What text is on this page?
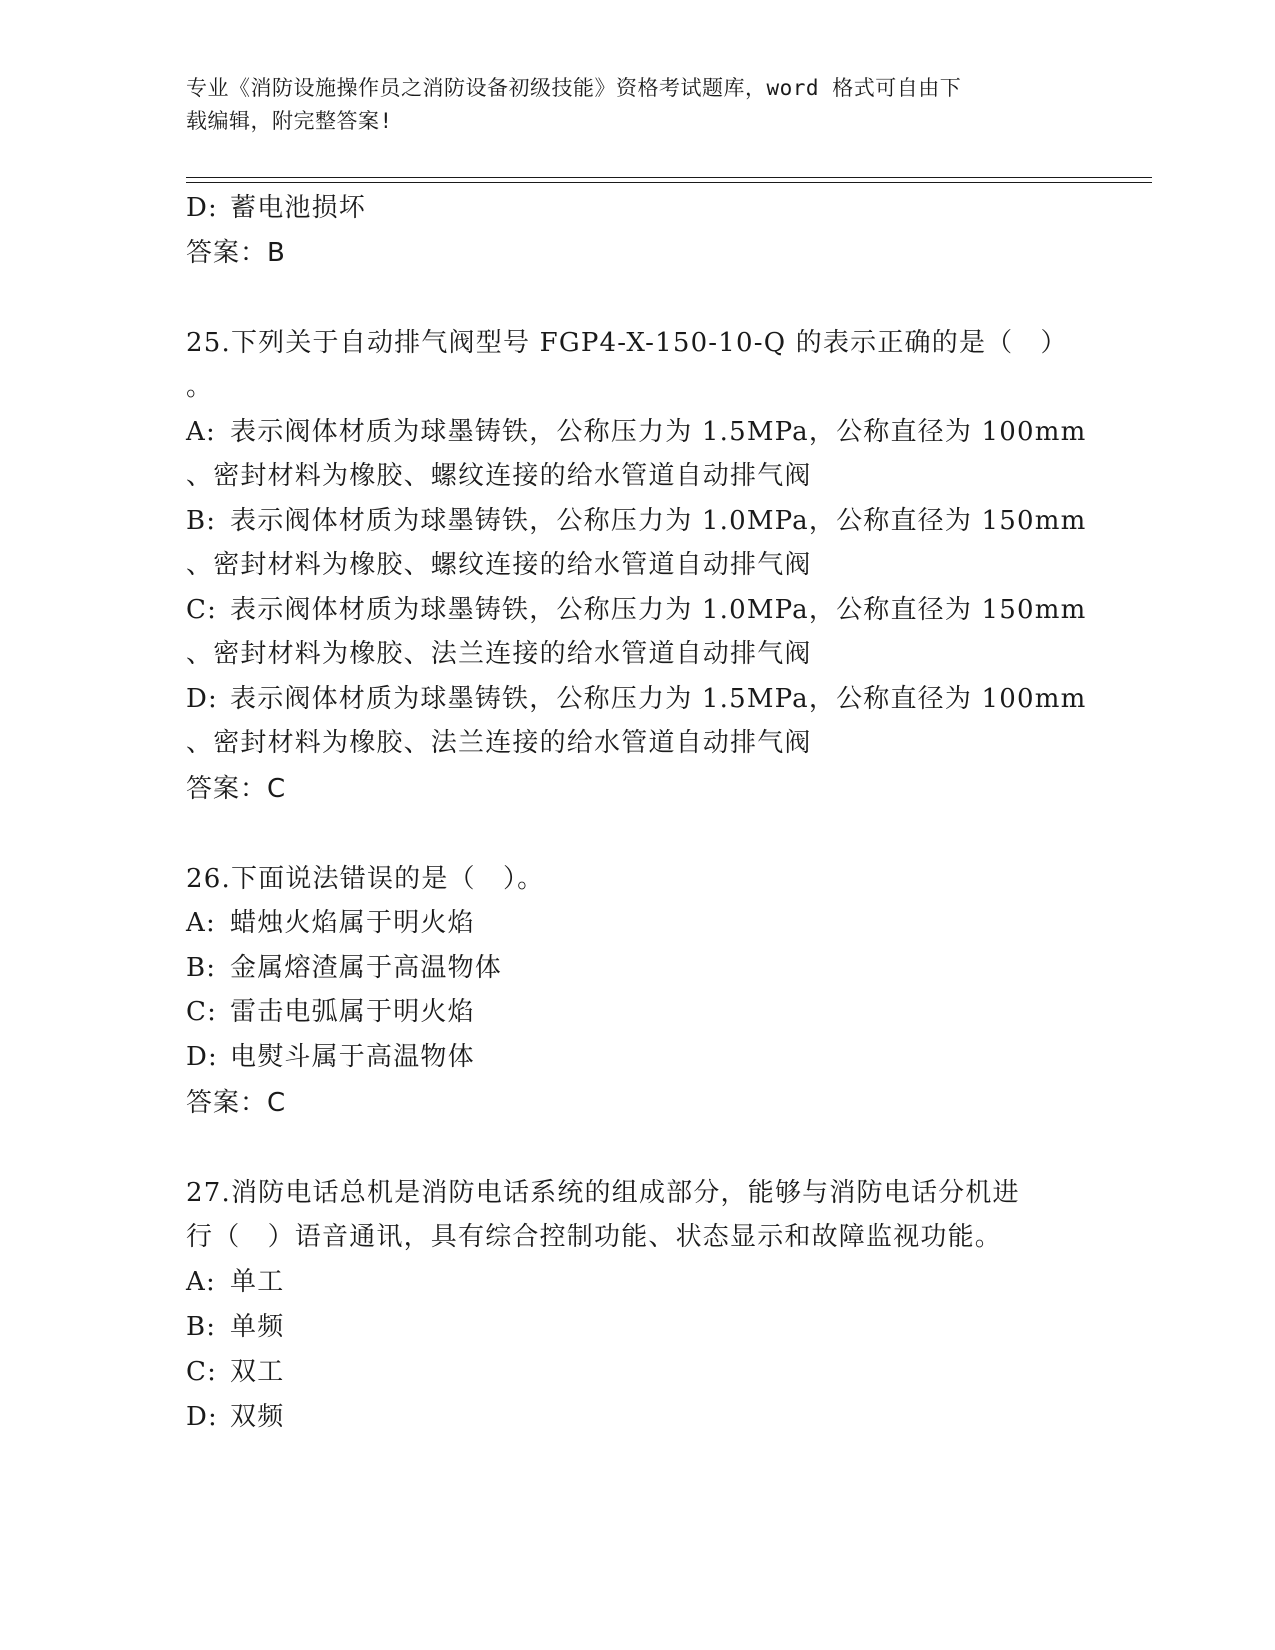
专业《消防设施操作员之消防设备初级技能》资格考试题库，word 格式可自由下
载编辑，附完整答案!
D: 蓄电池损坏
答案：B
25.下列关于自动排气阀型号 FGP4-X-150-10-Q 的表示正确的是（　）
。
A: 表示阀体材质为球墨铸铁，公称压力为 1.5MPa，公称直径为 100mm
、密封材料为橡胶、螺纹连接的给水管道自动排气阀
B: 表示阀体材质为球墨铸铁，公称压力为 1.0MPa，公称直径为 150mm
、密封材料为橡胶、螺纹连接的给水管道自动排气阀
C: 表示阀体材质为球墨铸铁，公称压力为 1.0MPa，公称直径为 150mm
、密封材料为橡胶、法兰连接的给水管道自动排气阀
D: 表示阀体材质为球墨铸铁，公称压力为 1.5MPa，公称直径为 100mm
、密封材料为橡胶、法兰连接的给水管道自动排气阀
答案：C
26.下面说法错误的是（　）。
A: 蜡烛火焰属于明火焰
B: 金属熔渣属于高温物体
C: 雷击电弧属于明火焰
D: 电熨斗属于高温物体
答案：C
27.消防电话总机是消防电话系统的组成部分，能够与消防电话分机进
行（　）语音通讯，具有综合控制功能、状态显示和故障监视功能。
A: 单工
B: 单频
C: 双工
D: 双频
